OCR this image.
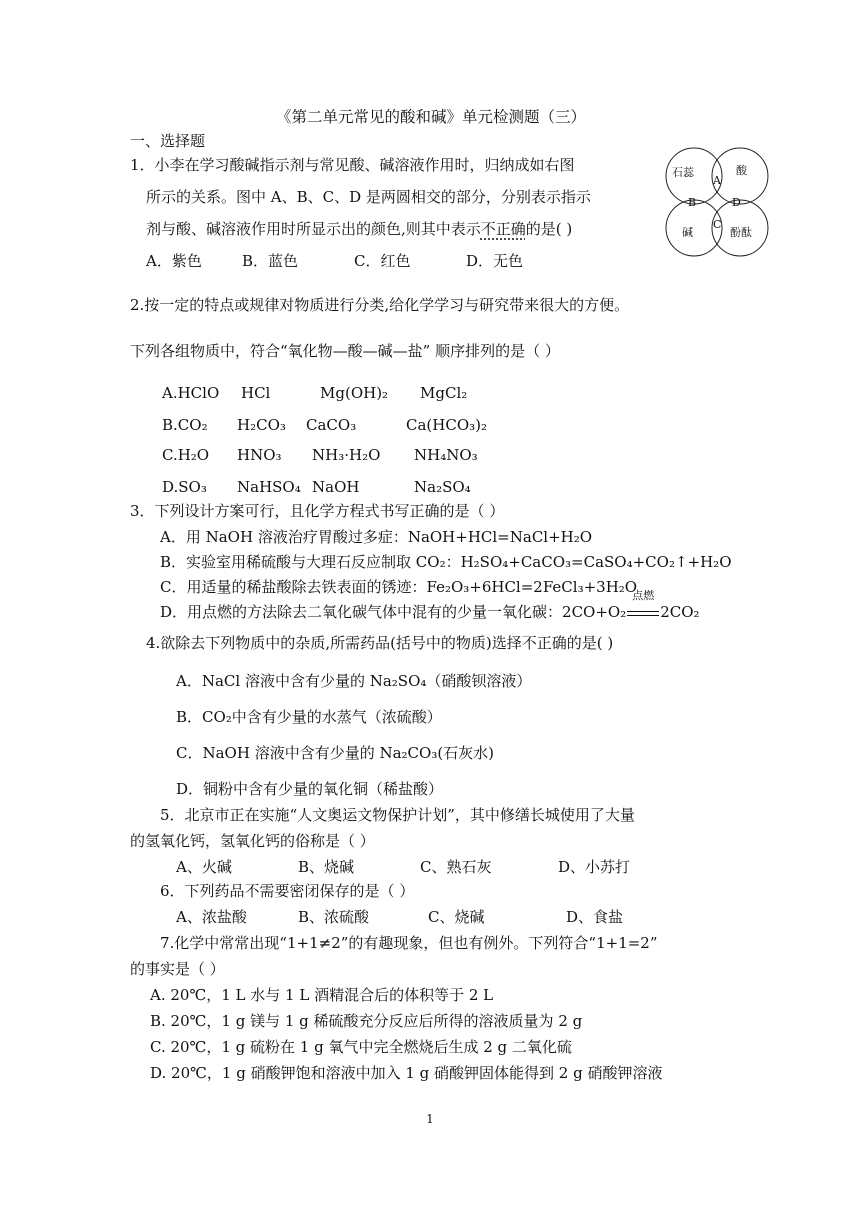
《第二单元常见的酸和碱》单元检测题（三）
一、选择题
1．小李在学习酸碱指示剂与常见酸、碱溶液作用时，归纳成如右图
所示的关系。图中 A、B、C、D 是两圆相交的部分，分别表示指示
剂与酸、碱溶液作用时所显示出的颜色,则其中表示不正确的是( )
A．紫色	B．蓝色	C．红色	D．无色
石蕊	酸
碱	酚酞
A
B
C
D
2.按一定的特点或规律对物质进行分类,给化学学习与研究带来很大的方便。
下列各组物质中，符合“氧化物—酸—碱—盐” 顺序排列的是（ ）
A.HClO HCl	Mg(OH)₂ MgCl₂
B.CO₂ H₂CO₃ CaCO₃	Ca(HCO₃)₂
C.H₂O HNO₃ NH₃·H₂O NH₄NO₃
D.SO₃ NaHSO₄ NaOH	Na₂SO₄
3．下列设计方案可行，且化学方程式书写正确的是（ ）
A．用 NaOH 溶液治疗胃酸过多症：NaOH+HCl=NaCl+H₂O
B．实验室用稀硫酸与大理石反应制取 CO₂：H₂SO₄+CaCO₃=CaSO₄+CO₂↑+H₂O
C．用适量的稀盐酸除去铁表面的锈迹：Fe₂O₃+6HCl=2FeCl₃+3H₂O
D．用点燃的方法除去二氧化碳气体中混有的少量一氧化碳：2CO+O₂
点燃
2CO₂
4.欲除去下列物质中的杂质,所需药品(括号中的物质)选择不正确的是( )
A．NaCl 溶液中含有少量的 Na₂SO₄（硝酸钡溶液）
B．CO₂中含有少量的水蒸气（浓硫酸）
C．NaOH 溶液中含有少量的 Na₂CO₃(石灰水)
D．铜粉中含有少量的氧化铜（稀盐酸）
5．北京市正在实施“人文奥运文物保护计划”，其中修缮长城使用了大量
的氢氧化钙，氢氧化钙的俗称是（ ）
A、火碱	B、烧碱	C、熟石灰	D、小苏打
6．下列药品不需要密闭保存的是（ ）
A、浓盐酸	B、浓硫酸	C、烧碱	D、食盐
7.化学中常常出现“1+1≠2”的有趣现象，但也有例外。下列符合“1+1=2”
的事实是（ ）
A. 20℃，1 L 水与 1 L 酒精混合后的体积等于 2 L
B. 20℃，1 g 镁与 1 g 稀硫酸充分反应后所得的溶液质量为 2 g
C. 20℃，1 g 硫粉在 1 g 氧气中完全燃烧后生成 2 g 二氧化硫
D. 20℃，1 g 硝酸钾饱和溶液中加入 1 g 硝酸钾固体能得到 2 g 硝酸钾溶液
1
